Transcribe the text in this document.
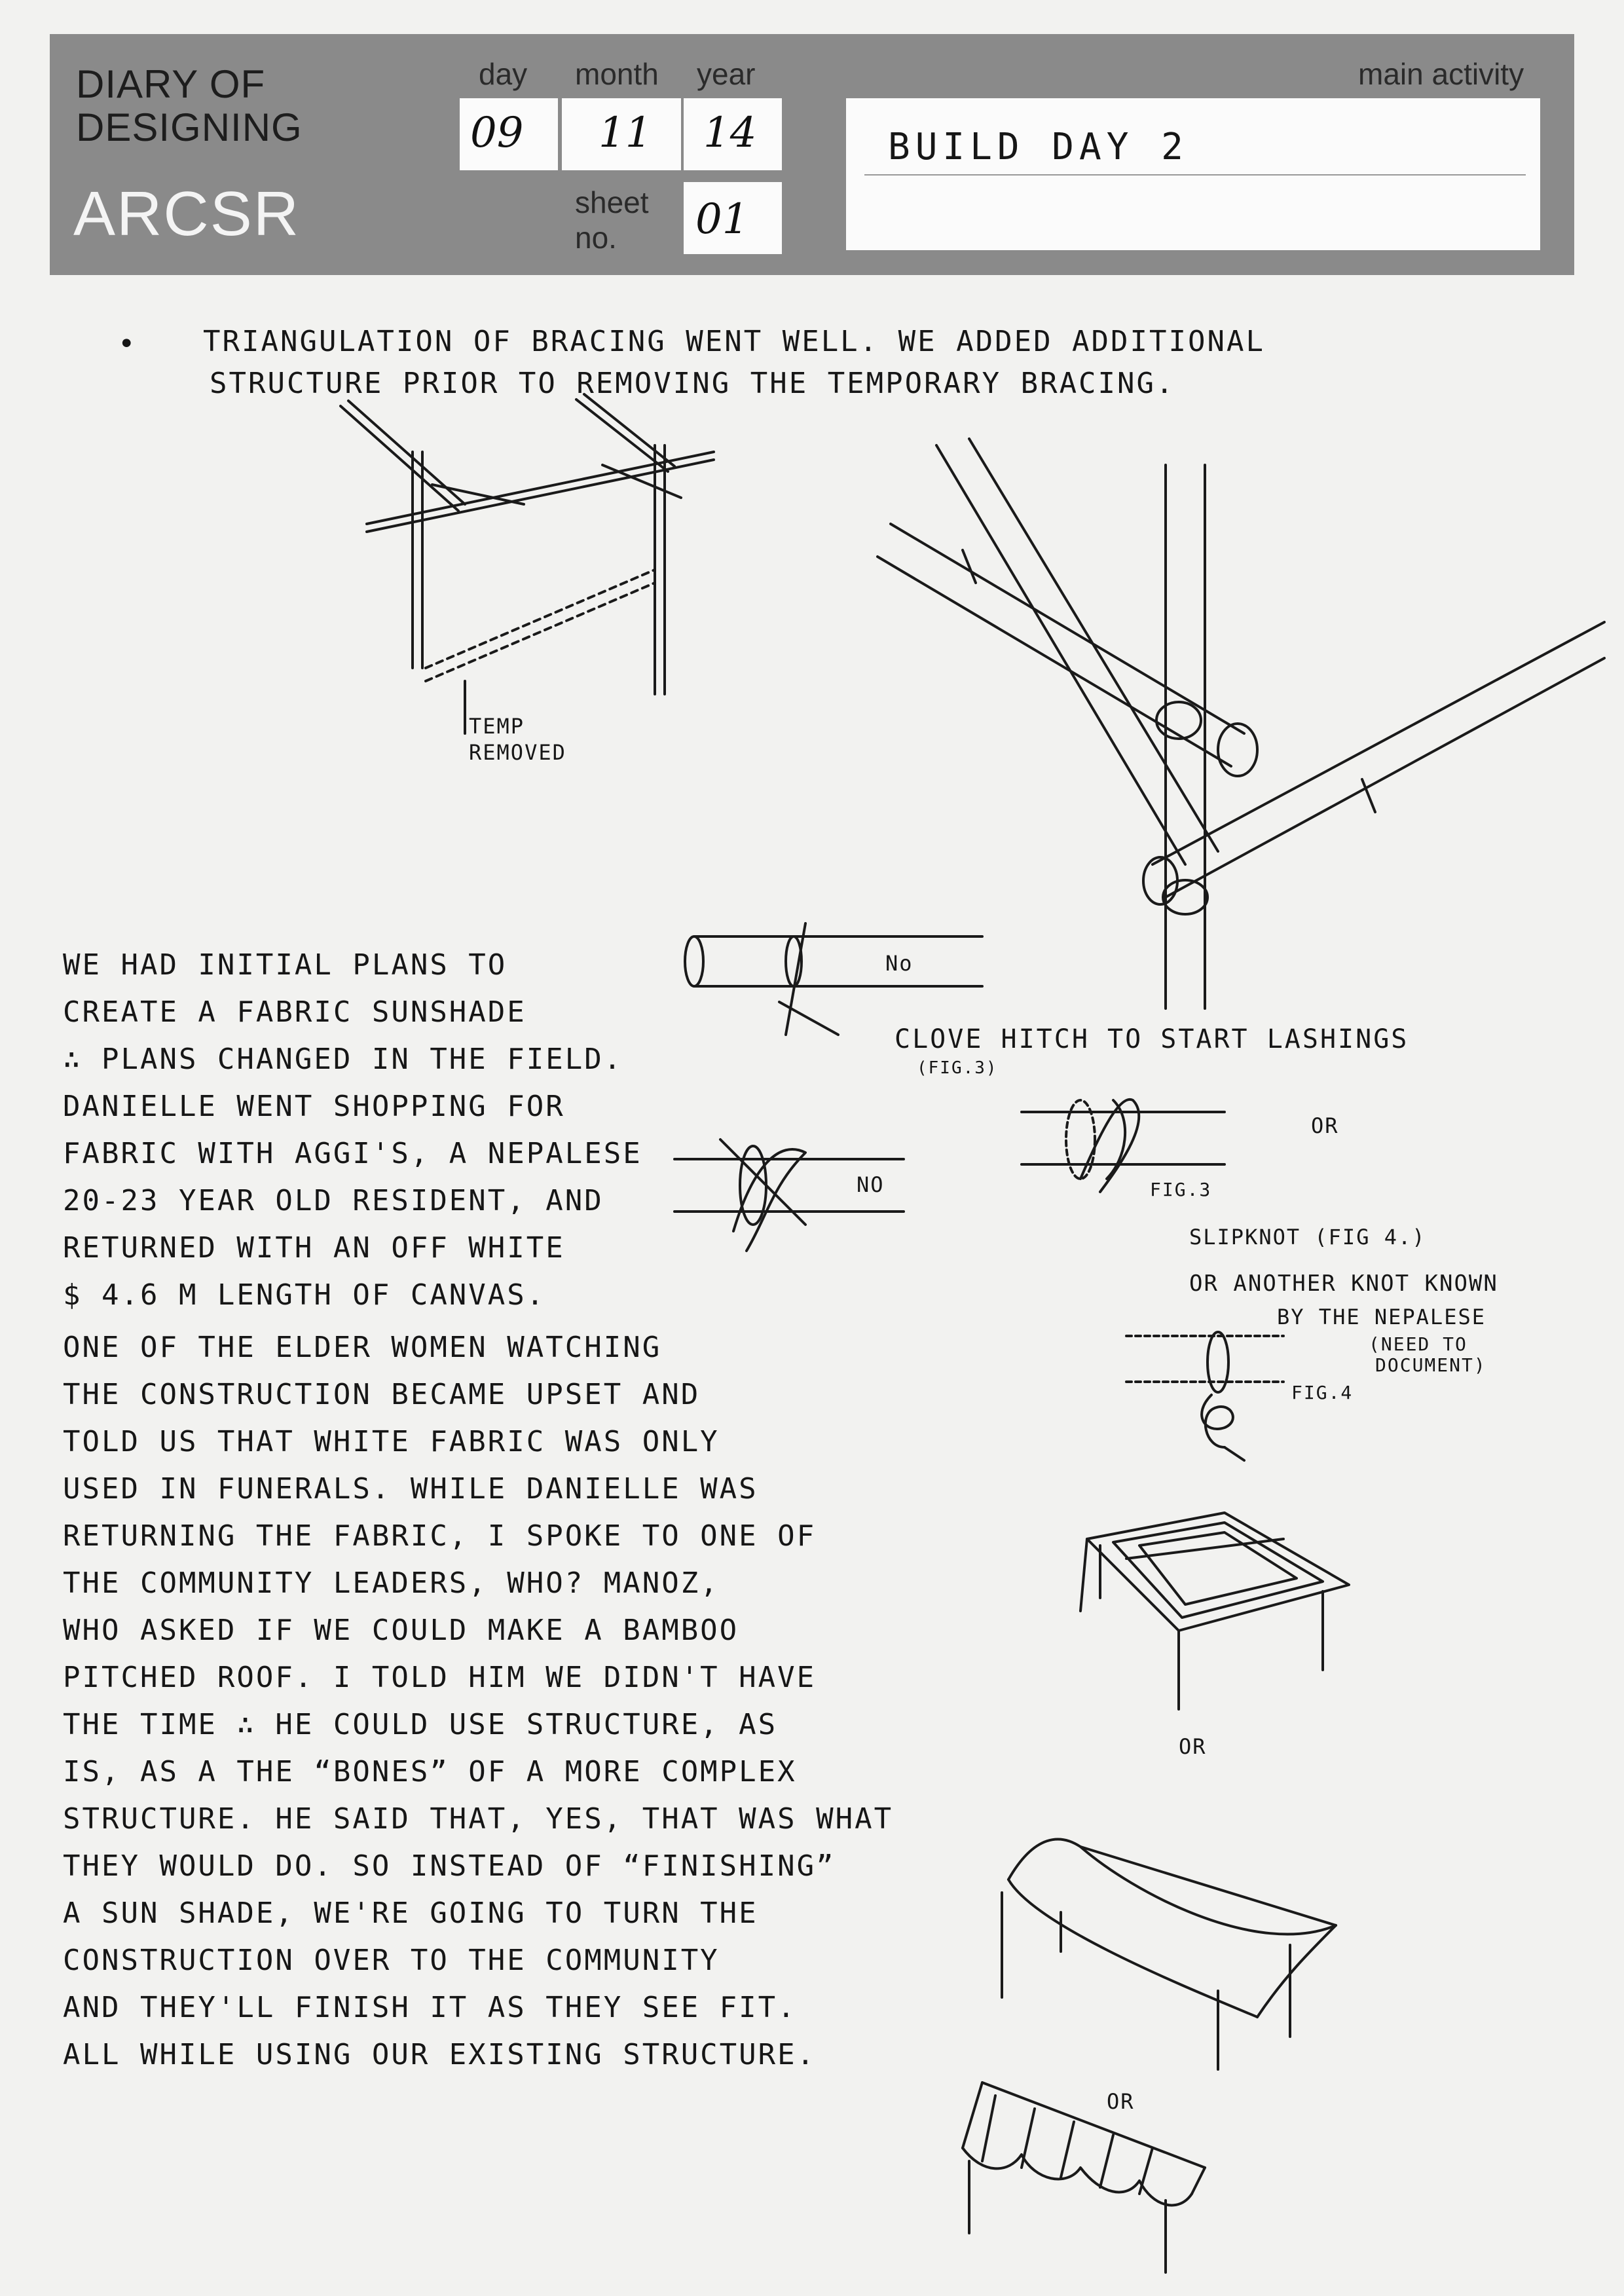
DIARY OF
DESIGNING
ARCSR
day month year
sheet
no.
main activity
09 11 14
01
BUILD DAY 2
• TRIANGULATION OF BRACING WENT WELL. WE ADDED ADDITIONAL
STRUCTURE PRIOR TO REMOVING THE TEMPORARY BRACING.
TEMP
REMOVED
WE HAD INITIAL PLANS TO
CREATE A FABRIC SUNSHADE
∴ PLANS CHANGED IN THE FIELD.
DANIELLE WENT SHOPPING FOR
FABRIC WITH AGGI'S, A NEPALESE
20-23 YEAR OLD RESIDENT, AND
RETURNED WITH AN OFF WHITE
$ 4.6 M LENGTH OF CANVAS.
ONE OF THE ELDER WOMEN WATCHING
THE CONSTRUCTION BECAME UPSET AND
TOLD US THAT WHITE FABRIC WAS ONLY
USED IN FUNERALS. WHILE DANIELLE WAS
RETURNING THE FABRIC, I SPOKE TO ONE OF
THE COMMUNITY LEADERS, WHO? MANOZ,
WHO ASKED IF WE COULD MAKE A BAMBOO
PITCHED ROOF. I TOLD HIM WE DIDN'T HAVE
THE TIME ∴ HE COULD USE STRUCTURE, AS
IS, AS A THE “BONES” OF A MORE COMPLEX
STRUCTURE. HE SAID THAT, YES, THAT WAS WHAT
THEY WOULD DO. SO INSTEAD OF “FINISHING”
A SUN SHADE, WE'RE GOING TO TURN THE
CONSTRUCTION OVER TO THE COMMUNITY
AND THEY'LL FINISH IT AS THEY SEE FIT.
ALL WHILE USING OUR EXISTING STRUCTURE.
No
NO
CLOVE HITCH TO START LASHINGS
(FIG.3)
OR
FIG.3
SLIPKNOT (FIG 4.)
OR ANOTHER KNOT KNOWN
BY THE NEPALESE
(NEED TO
DOCUMENT)
FIG.4
OR
OR
